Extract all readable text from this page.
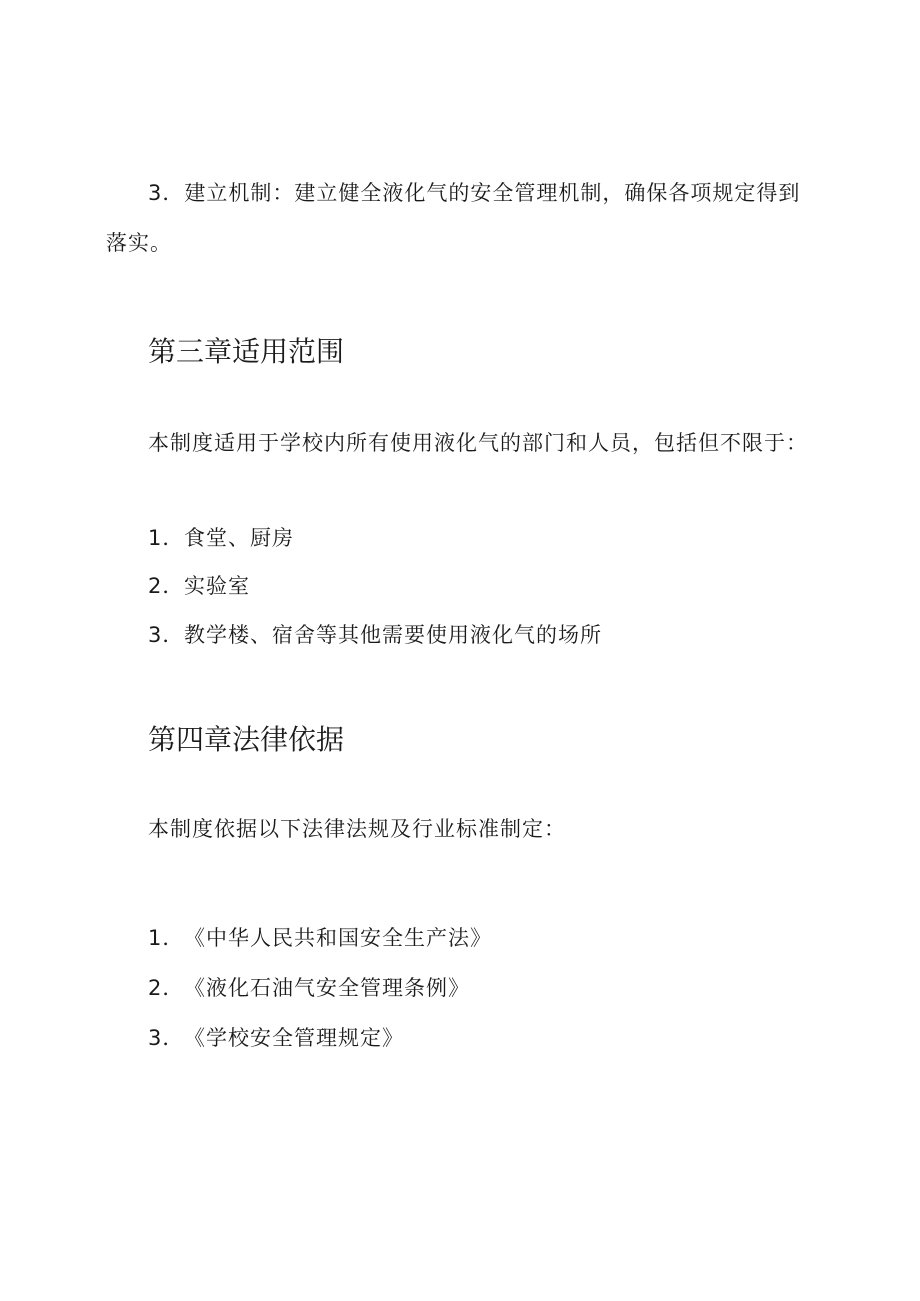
3．建立机制：建立健全液化气的安全管理机制，确保各项规定得到落实。

第三章适用范围

本制度适用于学校内所有使用液化气的部门和人员，包括但不限于：

1．食堂、厨房

2．实验室

3．教学楼、宿舍等其他需要使用液化气的场所

第四章法律依据

本制度依据以下法律法规及行业标准制定：

1．《中华人民共和国安全生产法》

2．《液化石油气安全管理条例》

3．《学校安全管理规定》
